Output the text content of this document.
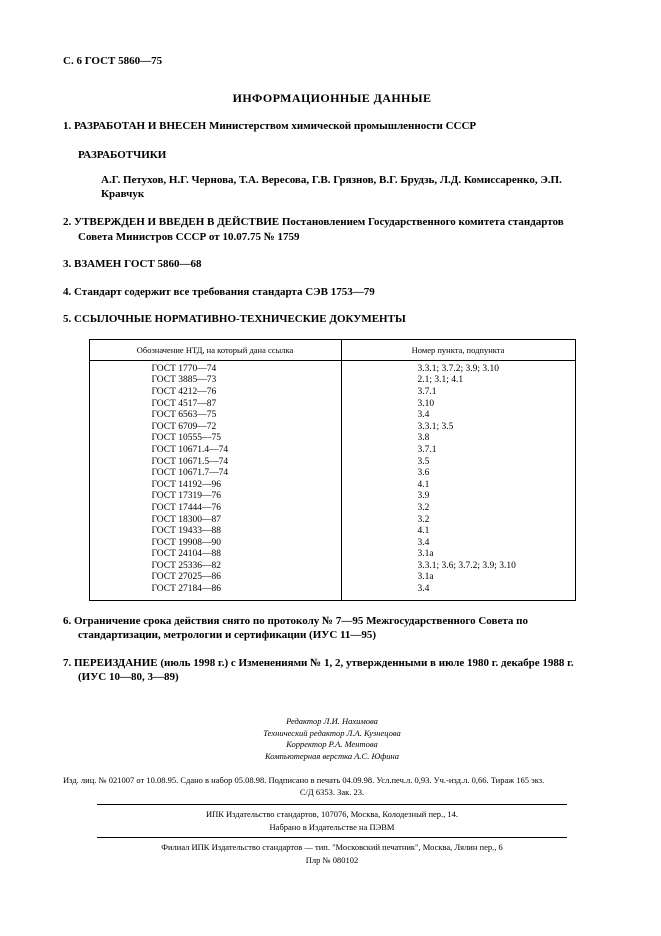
С. 6 ГОСТ 5860—75
ИНФОРМАЦИОННЫЕ ДАННЫЕ
1. РАЗРАБОТАН И ВНЕСЕН Министерством химической промышленности СССР
РАЗРАБОТЧИКИ
А.Г. Петухов, Н.Г. Чернова, Т.А. Вересова, Г.В. Грязнов, В.Г. Брудзь, Л.Д. Комиссаренко, Э.П. Кравчук
2. УТВЕРЖДЕН И ВВЕДЕН В ДЕЙСТВИЕ Постановлением Государственного комитета стандартов Совета Министров СССР от 10.07.75 № 1759
3. ВЗАМЕН ГОСТ 5860—68
4. Стандарт содержит все требования стандарта СЭВ 1753—79
5. ССЫЛОЧНЫЕ НОРМАТИВНО-ТЕХНИЧЕСКИЕ ДОКУМЕНТЫ
Обозначение НТД, на который дана ссылка	Номер пункта, подпункта
ГОСТ 1770—74	3.3.1; 3.7.2; 3.9; 3.10
ГОСТ 3885—73	2.1; 3.1; 4.1
ГОСТ 4212—76	3.7.1
ГОСТ 4517—87	3.10
ГОСТ 6563—75	3.4
ГОСТ 6709—72	3.3.1; 3.5
ГОСТ 10555—75	3.8
ГОСТ 10671.4—74	3.7.1
ГОСТ 10671.5—74	3.5
ГОСТ 10671.7—74	3.6
ГОСТ 14192—96	4.1
ГОСТ 17319—76	3.9
ГОСТ 17444—76	3.2
ГОСТ 18300—87	3.2
ГОСТ 19433—88	4.1
ГОСТ 19908—90	3.4
ГОСТ 24104—88	3.1а
ГОСТ 25336—82	3.3.1; 3.6; 3.7.2; 3.9; 3.10
ГОСТ 27025—86	3.1а
ГОСТ 27184—86	3.4
6. Ограничение срока действия снято по протоколу № 7—95 Межгосударственного Совета по стандартизации, метрологии и сертификации (ИУС 11—95)
7. ПЕРЕИЗДАНИЕ (июль 1998 г.) с Изменениями № 1, 2, утвержденными в июле 1980 г. декабре 1988 г. (ИУС 10—80, 3—89)
Редактор Л.И. Нахимова
Технический редактор Л.А. Кузнецова
Корректор Р.А. Ментова
Компьютерная верстка А.С. Юфина
Изд. лиц. № 021007 от 10.08.95. Сдано в набор 05.08.98. Подписано в печать 04.09.98. Усл.печ.л. 0,93. Уч.-изд.л. 0,66. Тираж 165 экз.
С/Д 6353. Зак. 23.
ИПК Издательство стандартов, 107076, Москва, Колодезный пер., 14.
Набрано в Издательстве на ПЭВМ
Филиал ИПК Издательство стандартов — тип. "Московский печатник", Москва, Лялин пер., 6
Плр № 080102
